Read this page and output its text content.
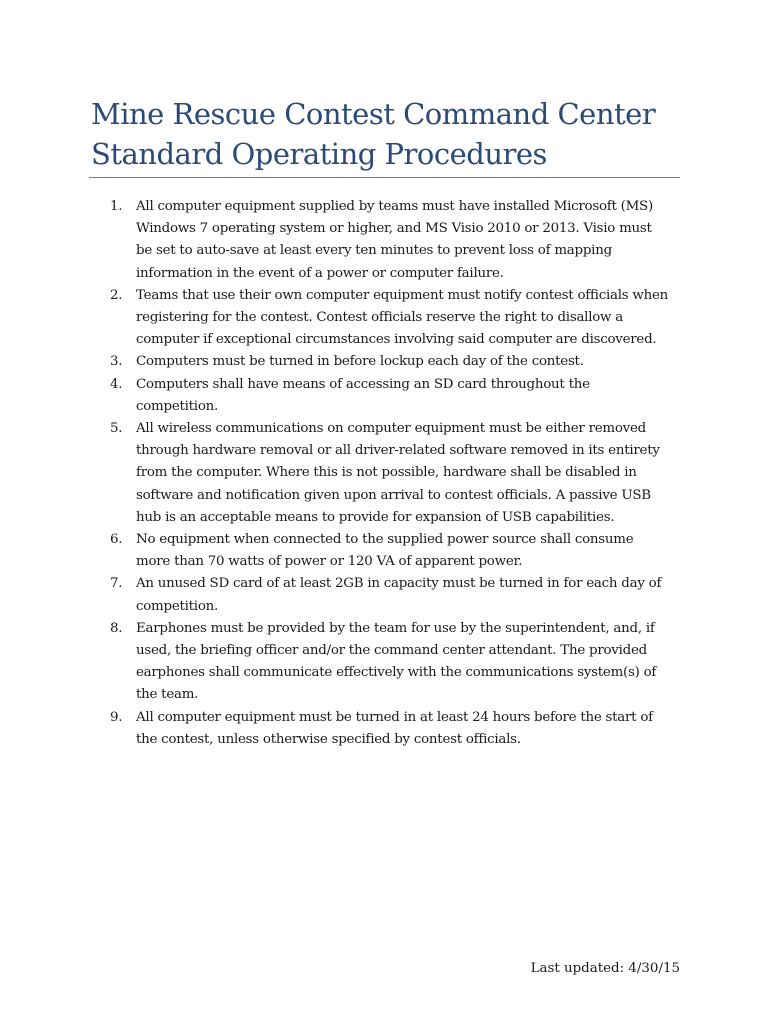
Mine Rescue Contest Command Center
Standard Operating Procedures
1.	All computer equipment supplied by teams must have installed Microsoft (MS)
Windows 7 operating system or higher, and MS Visio 2010 or 2013. Visio must
be set to auto-save at least every ten minutes to prevent loss of mapping
information in the event of a power or computer failure.
2.	Teams that use their own computer equipment must notify contest officials when
registering for the contest. Contest officials reserve the right to disallow a
computer if exceptional circumstances involving said computer are discovered.
3.	Computers must be turned in before lockup each day of the contest.
4.	Computers shall have means of accessing an SD card throughout the
competition.
5.	All wireless communications on computer equipment must be either removed
through hardware removal or all driver-related software removed in its entirety
from the computer. Where this is not possible, hardware shall be disabled in
software and notification given upon arrival to contest officials. A passive USB
hub is an acceptable means to provide for expansion of USB capabilities.
6.	No equipment when connected to the supplied power source shall consume
more than 70 watts of power or 120 VA of apparent power.
7.	An unused SD card of at least 2GB in capacity must be turned in for each day of
competition.
8.	Earphones must be provided by the team for use by the superintendent, and, if
used, the briefing officer and/or the command center attendant. The provided
earphones shall communicate effectively with the communications system(s) of
the team.
9.	All computer equipment must be turned in at least 24 hours before the start of
the contest, unless otherwise specified by contest officials.
Last updated: 4/30/15
